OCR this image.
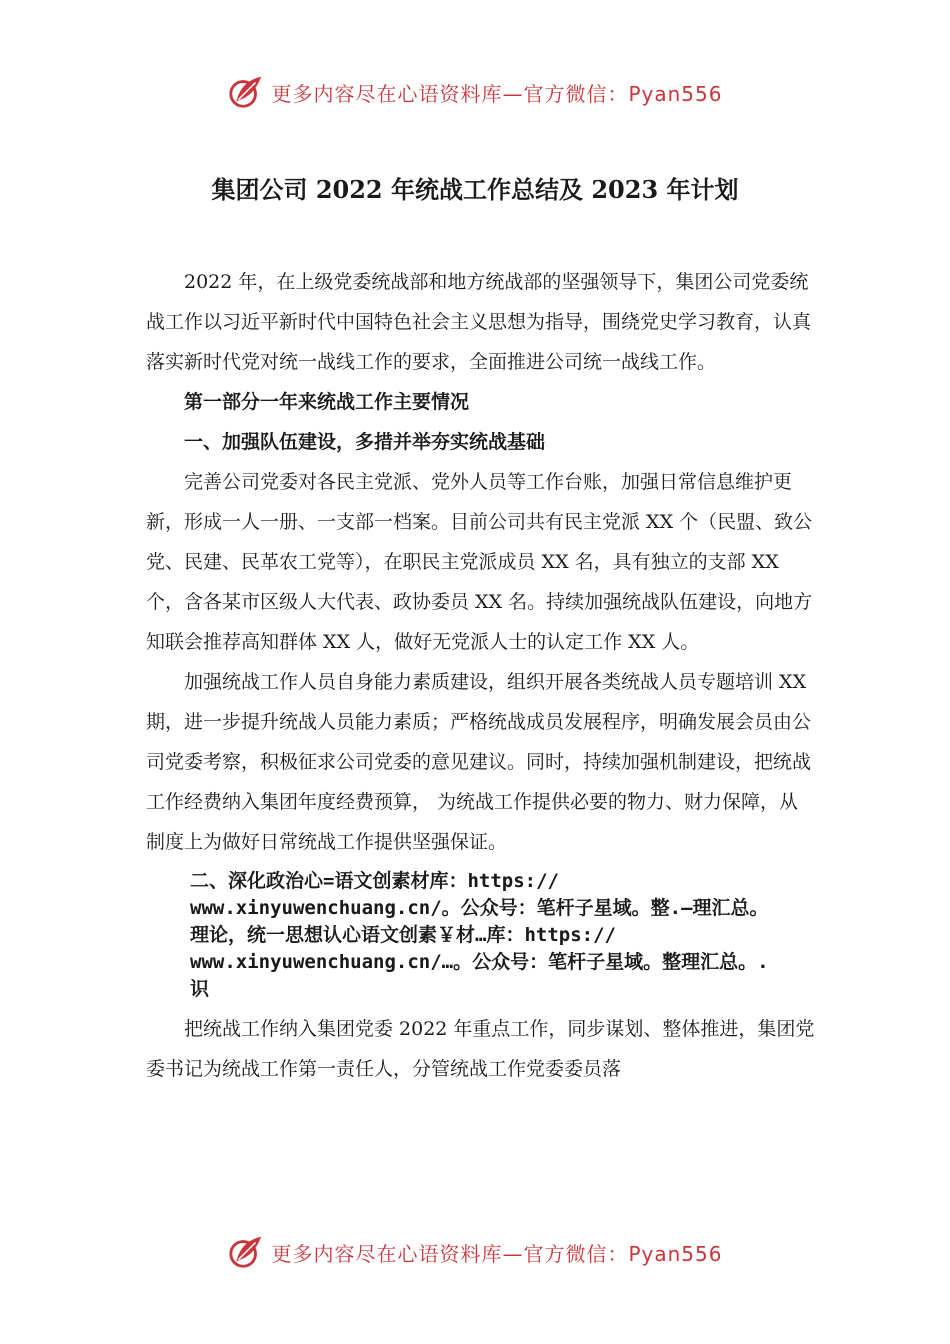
更多内容尽在心语资料库—官方微信：Pyan556
集团公司 2022 年统战工作总结及 2023 年计划

2022 年，在上级党委统战部和地方统战部的坚强领导下，集团公司党委统战工作以习近平新时代中国特色社会主义思想为指导，围绕党史学习教育，认真落实新时代党对统一战线工作的要求，全面推进公司统一战线工作。

第一部分一年来统战工作主要情况

一、加强队伍建设，多措并举夯实统战基础

完善公司党委对各民主党派、党外人员等工作台账，加强日常信息维护更新，形成一人一册、一支部一档案。目前公司共有民主党派 XX 个（民盟、致公党、民建、民革农工党等），在职民主党派成员 XX 名，具有独立的支部 XX 个，含各某市区级人大代表、政协委员 XX 名。持续加强统战队伍建设，向地方知联会推荐高知群体 XX 人，做好无党派人士的认定工作 XX 人。

加强统战工作人员自身能力素质建设，组织开展各类统战人员专题培训 XX 期，进一步提升统战人员能力素质；严格统战成员发展程序，明确发展会员由公司党委考察，积极征求公司党委的意见建议。同时，持续加强机制建设，把统战工作经费纳入集团年度经费预算， 为统战工作提供必要的物力、财力保障，从制度上为做好日常统战工作提供坚强保证。

二、深化政治心=语文创素材库：https://
www.xinyuwenchuang.cn/。公众号：笔杆子星域。整.—理汇总。
理论，统一思想认心语文创素￥材…库：https://
www.xinyuwenchuang.cn/…。公众号：笔杆子星域。整理汇总。.
识

把统战工作纳入集团党委 2022 年重点工作，同步谋划、整体推进，集团党委书记为统战工作第一责任人，分管统战工作党委委员落

更多内容尽在心语资料库—官方微信：Pyan556
